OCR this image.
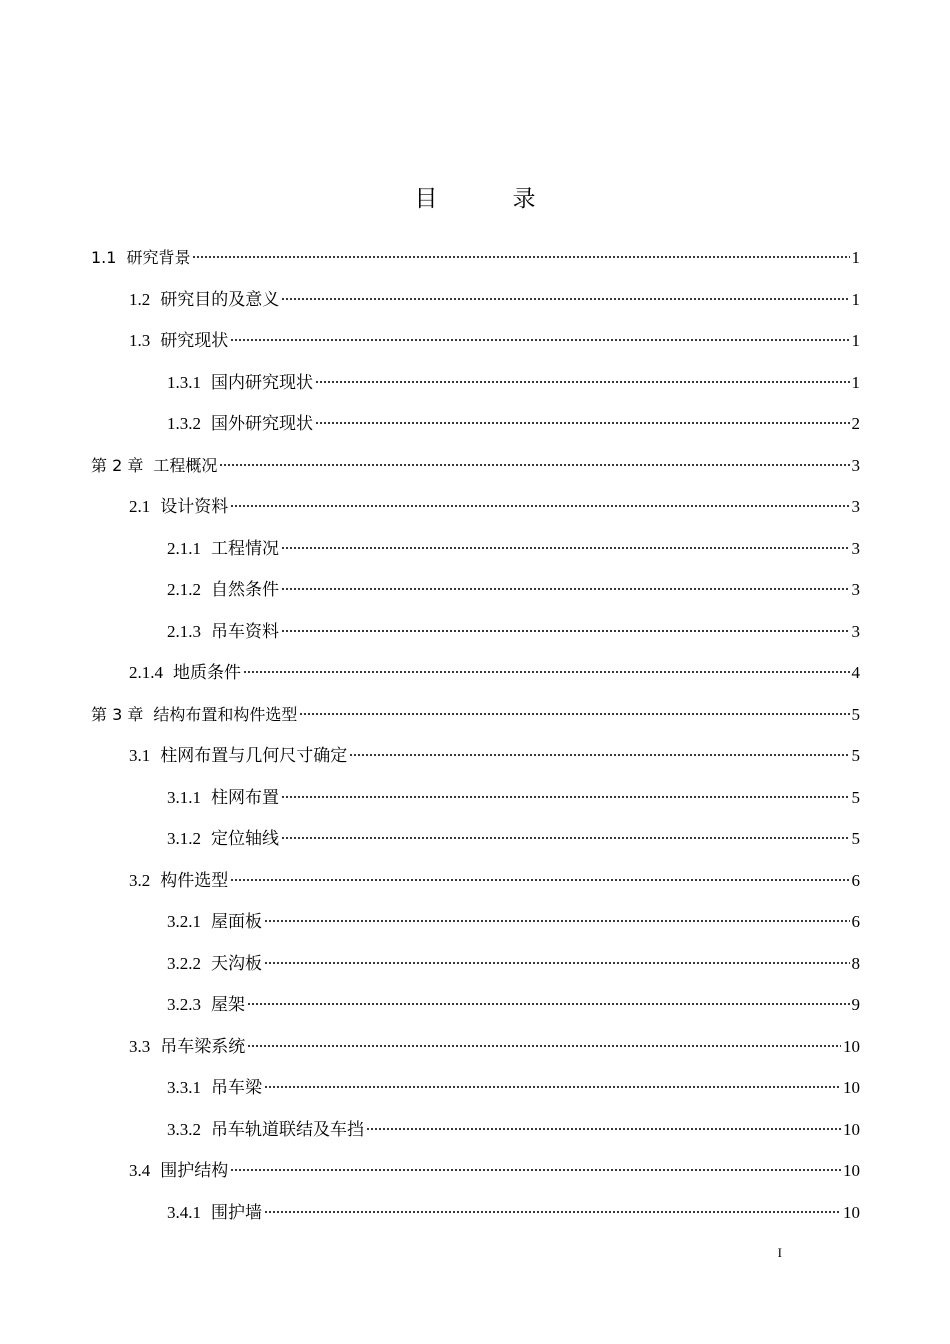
目　录
1.1 研究背景	1
1.2 研究目的及意义	1
1.3 研究现状	1
1.3.1 国内研究现状	1
1.3.2 国外研究现状	2
第 2 章 工程概况	3
2.1 设计资料	3
2.1.1 工程情况	3
2.1.2 自然条件	3
2.1.3 吊车资料	3
2.1.4 地质条件	4
第 3 章 结构布置和构件选型	5
3.1 柱网布置与几何尺寸确定	5
3.1.1 柱网布置	5
3.1.2 定位轴线	5
3.2 构件选型	6
3.2.1 屋面板	6
3.2.2 天沟板	8
3.2.3 屋架	9
3.3 吊车梁系统	10
3.3.1 吊车梁	10
3.3.2 吊车轨道联结及车挡	10
3.4 围护结构	10
3.4.1 围护墙	10
I
